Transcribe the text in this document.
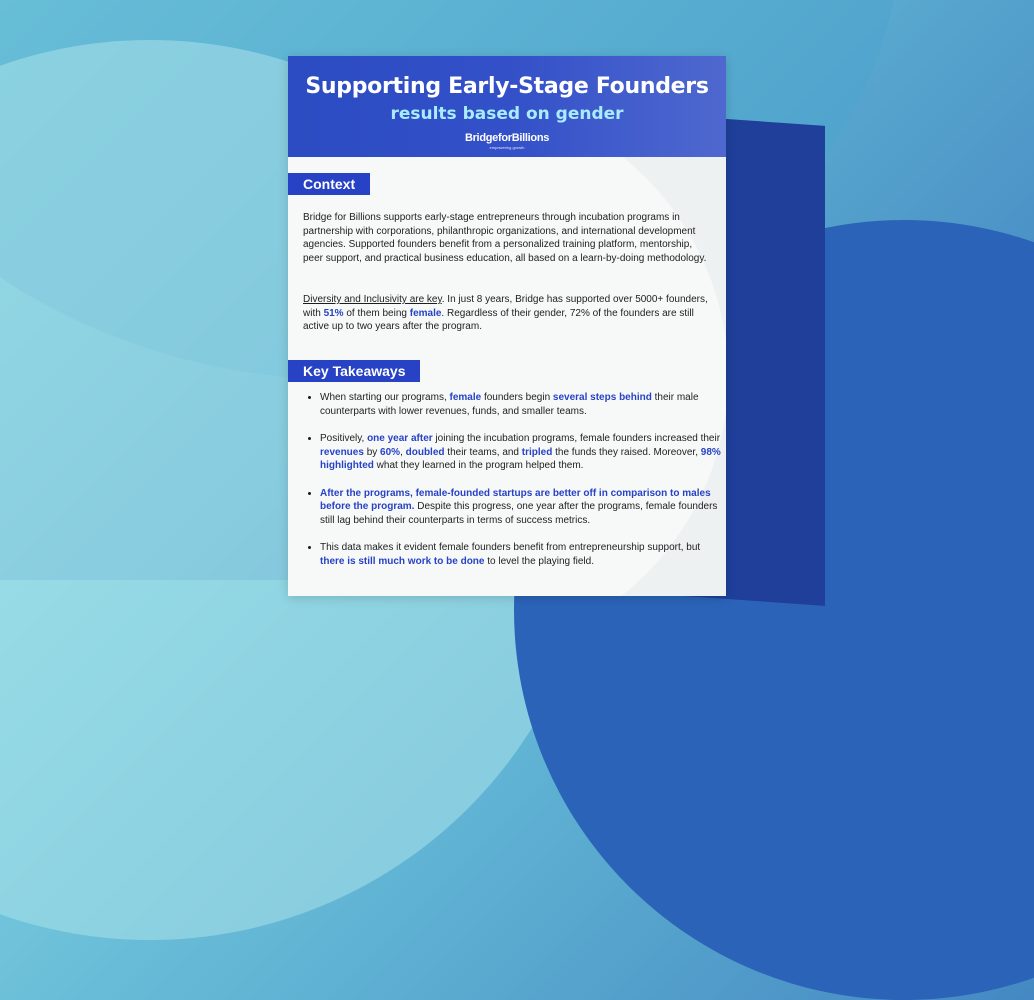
Supporting Early-Stage Founders
results based on gender
BridgeforBillions
empowering growth
Context
Bridge for Billions supports early-stage entrepreneurs through incubation programs in partnership with corporations, philanthropic organizations, and international development agencies. Supported founders benefit from a personalized training platform, mentorship, peer support, and practical business education, all based on a learn-by-doing methodology.
Diversity and Inclusivity are key. In just 8 years, Bridge has supported over 5000+ founders, with 51% of them being female. Regardless of their gender, 72% of the founders are still active up to two years after the program.
Key Takeaways
• When starting our programs, female founders begin several steps behind their male counterparts with lower revenues, funds, and smaller teams.
• Positively, one year after joining the incubation programs, female founders increased their revenues by 60%, doubled their teams, and tripled the funds they raised. Moreover, 98% highlighted what they learned in the program helped them.
• After the programs, female-founded startups are better off in comparison to males before the program. Despite this progress, one year after the programs, female founders still lag behind their counterparts in terms of success metrics.
• This data makes it evident female founders benefit from entrepreneurship support, but there is still much work to be done to level the playing field.
